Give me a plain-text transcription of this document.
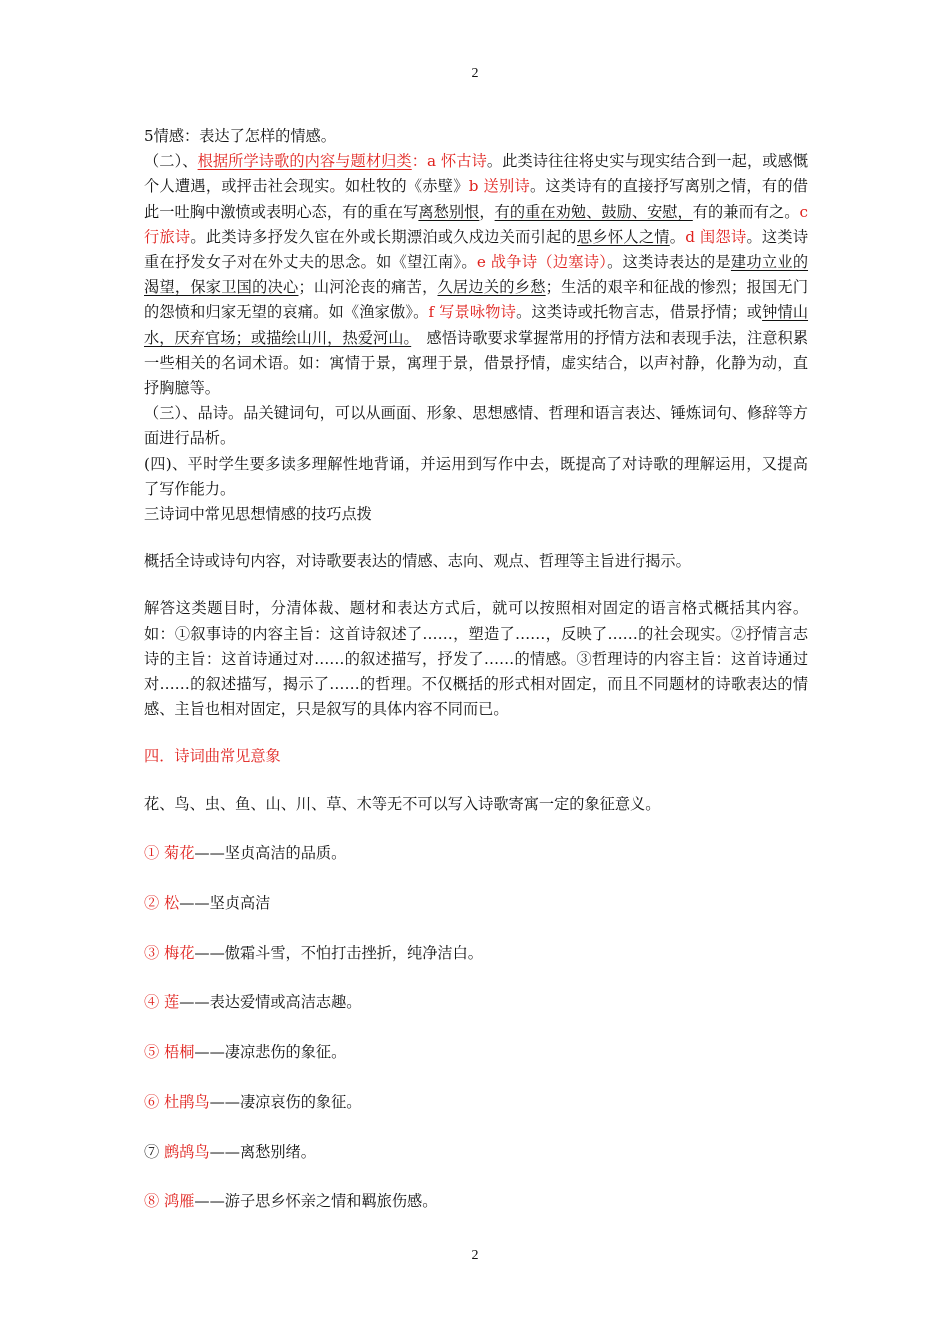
2

5情感：表达了怎样的情感。

（二）、根据所学诗歌的内容与题材归类：a 怀古诗。此类诗往往将史实与现实结合到一起，或感慨个人遭遇，或抨击社会现实。如杜牧的《赤壁》b 送别诗。这类诗有的直接抒写离别之情，有的借此一吐胸中激愤或表明心态，有的重在写离愁别恨，有的重在劝勉、鼓励、安慰，有的兼而有之。c 行旅诗。此类诗多抒发久宦在外或长期漂泊或久戍边关而引起的思乡怀人之情。d 闺怨诗。这类诗重在抒发女子对在外丈夫的思念。如《望江南》。e 战争诗（边塞诗）。这类诗表达的是建功立业的渴望，保家卫国的决心；山河沦丧的痛苦，久居边关的乡愁；生活的艰辛和征战的惨烈；报国无门的怨愤和归家无望的哀痛。如《渔家傲》。f 写景咏物诗。这类诗或托物言志，借景抒情；或钟情山水，厌弃官场；或描绘山川，热爱河山。　感悟诗歌要求掌握常用的抒情方法和表现手法，注意积累一些相关的名词术语。如：寓情于景，寓理于景，借景抒情，虚实结合，以声衬静，化静为动，直抒胸臆等。

（三）、品诗。品关键词句，可以从画面、形象、思想感情、哲理和语言表达、锤炼词句、修辞等方面进行品析。

(四)、平时学生要多读多理解性地背诵，并运用到写作中去，既提高了对诗歌的理解运用，又提高了写作能力。

三诗词中常见思想情感的技巧点拨

概括全诗或诗句内容，对诗歌要表达的情感、志向、观点、哲理等主旨进行揭示。

解答这类题目时，分清体裁、题材和表达方式后，就可以按照相对固定的语言格式概括其内容。如：①叙事诗的内容主旨：这首诗叙述了……，塑造了……，反映了……的社会现实。②抒情言志诗的主旨：这首诗通过对……的叙述描写，抒发了……的情感。③哲理诗的内容主旨：这首诗通过对……的叙述描写，揭示了……的哲理。不仅概括的形式相对固定，而且不同题材的诗歌表达的情感、主旨也相对固定，只是叙写的具体内容不同而已。

四．诗词曲常见意象

花、鸟、虫、鱼、山、川、草、木等无不可以写入诗歌寄寓一定的象征意义。

① 菊花——坚贞高洁的品质。

② 松——坚贞高洁

③ 梅花——傲霜斗雪，不怕打击挫折，纯净洁白。

④ 莲——表达爱情或高洁志趣。

⑤ 梧桐——凄凉悲伤的象征。

⑥ 杜鹃鸟——凄凉哀伤的象征。

⑦ 鹧鸪鸟——离愁别绪。

⑧ 鸿雁——游子思乡怀亲之情和羁旅伤感。

2
